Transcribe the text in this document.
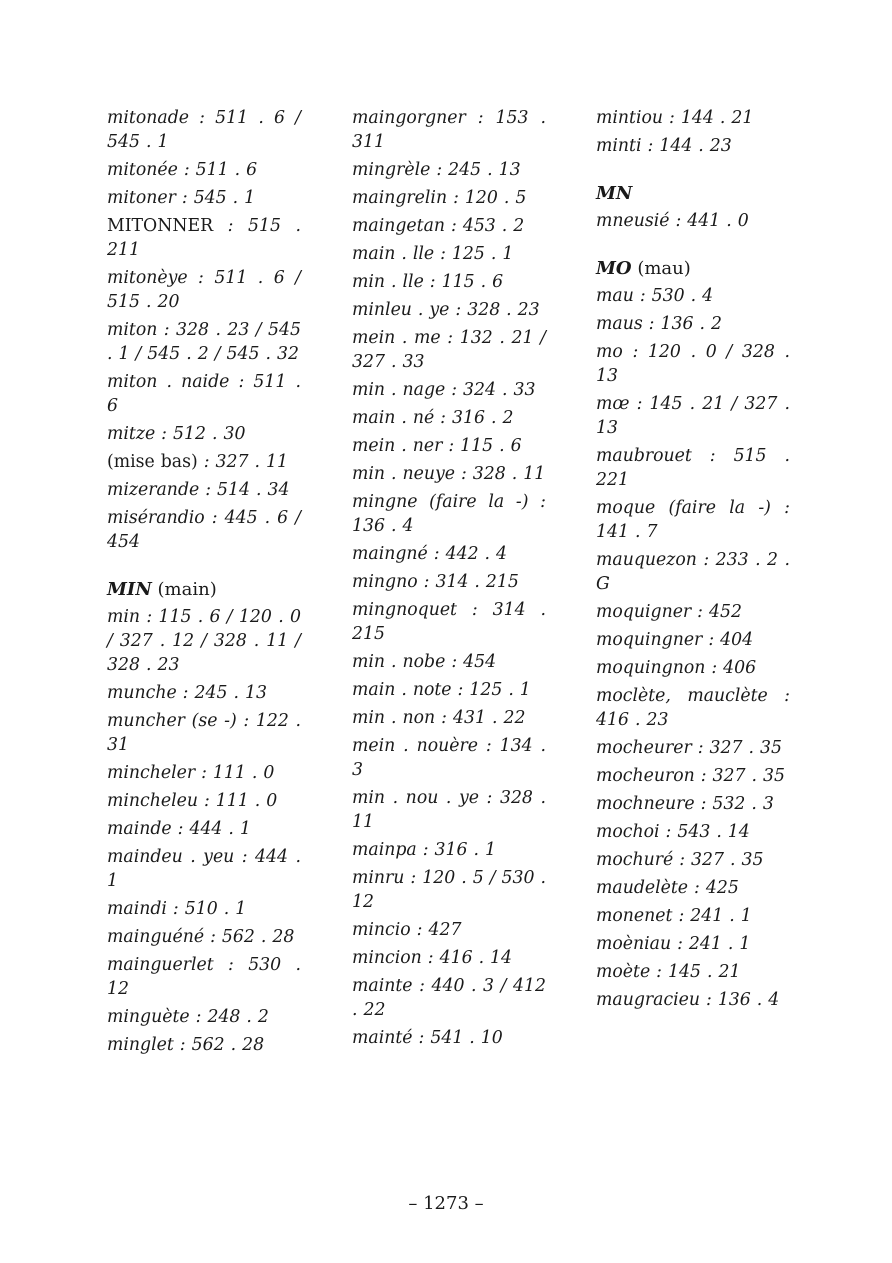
mitonade : 511 . 6 / 545 . 1
mitonée : 511 . 6
mitoner : 545 . 1
MITONNER : 515 . 211
mitonèye : 511 . 6 / 515 . 20
miton : 328 . 23 / 545 . 1 / 545 . 2 / 545 . 32
miton . naide : 511 . 6
mitze : 512 . 30
(mise bas) : 327 . 11
mizerande : 514 . 34
misérandio : 445 . 6 / 454
MIN (main)
min : 115 . 6 / 120 . 0 / 327 . 12 / 328 . 11 / 328 . 23
munche : 245 . 13
muncher (se -) : 122 . 31
mincheler : 111 . 0
mincheleu : 111 . 0
mainde : 444 . 1
maindeu . yeu : 444 . 1
maindi : 510 . 1
mainguéné : 562 . 28
mainguerlet : 530 . 12
minguète : 248 . 2
minglet : 562 . 28
maingorgner : 153 . 311
mingrèle : 245 . 13
maingrelin : 120 . 5
maingetan : 453 . 2
main . lle : 125 . 1
min . lle : 115 . 6
minleu . ye : 328 . 23
mein . me : 132 . 21 / 327 . 33
min . nage : 324 . 33
main . né : 316 . 2
mein . ner : 115 . 6
min . neuye : 328 . 11
mingne (faire la -) : 136 . 4
maingné : 442 . 4
mingno : 314 . 215
mingnoquet : 314 . 215
min . nobe : 454
main . note : 125 . 1
min . non : 431 . 22
mein . nouère : 134 . 3
min . nou . ye : 328 . 11
mainpa : 316 . 1
minru : 120 . 5 / 530 . 12
mincio : 427
mincion : 416 . 14
mainte : 440 . 3 / 412 . 22
mainté : 541 . 10
mintiou : 144 . 21
minti : 144 . 23
MN
mneusié : 441 . 0
MO (mau)
mau : 530 . 4
maus : 136 . 2
mo : 120 . 0 / 328 . 13
mœ : 145 . 21 / 327 . 13
maubrouet : 515 . 221
moque (faire la -) : 141 . 7
mauquezon : 233 . 2 . G
moquigner : 452
moquingner : 404
moquingnon : 406
moclète, mauclète : 416 . 23
mocheurer : 327 . 35
mocheuron : 327 . 35
mochneure : 532 . 3
mochoi : 543 . 14
mochuré : 327 . 35
maudelète : 425
monenet : 241 . 1
moèniau : 241 . 1
moète : 145 . 21
maugracieu : 136 . 4
– 1273 –
